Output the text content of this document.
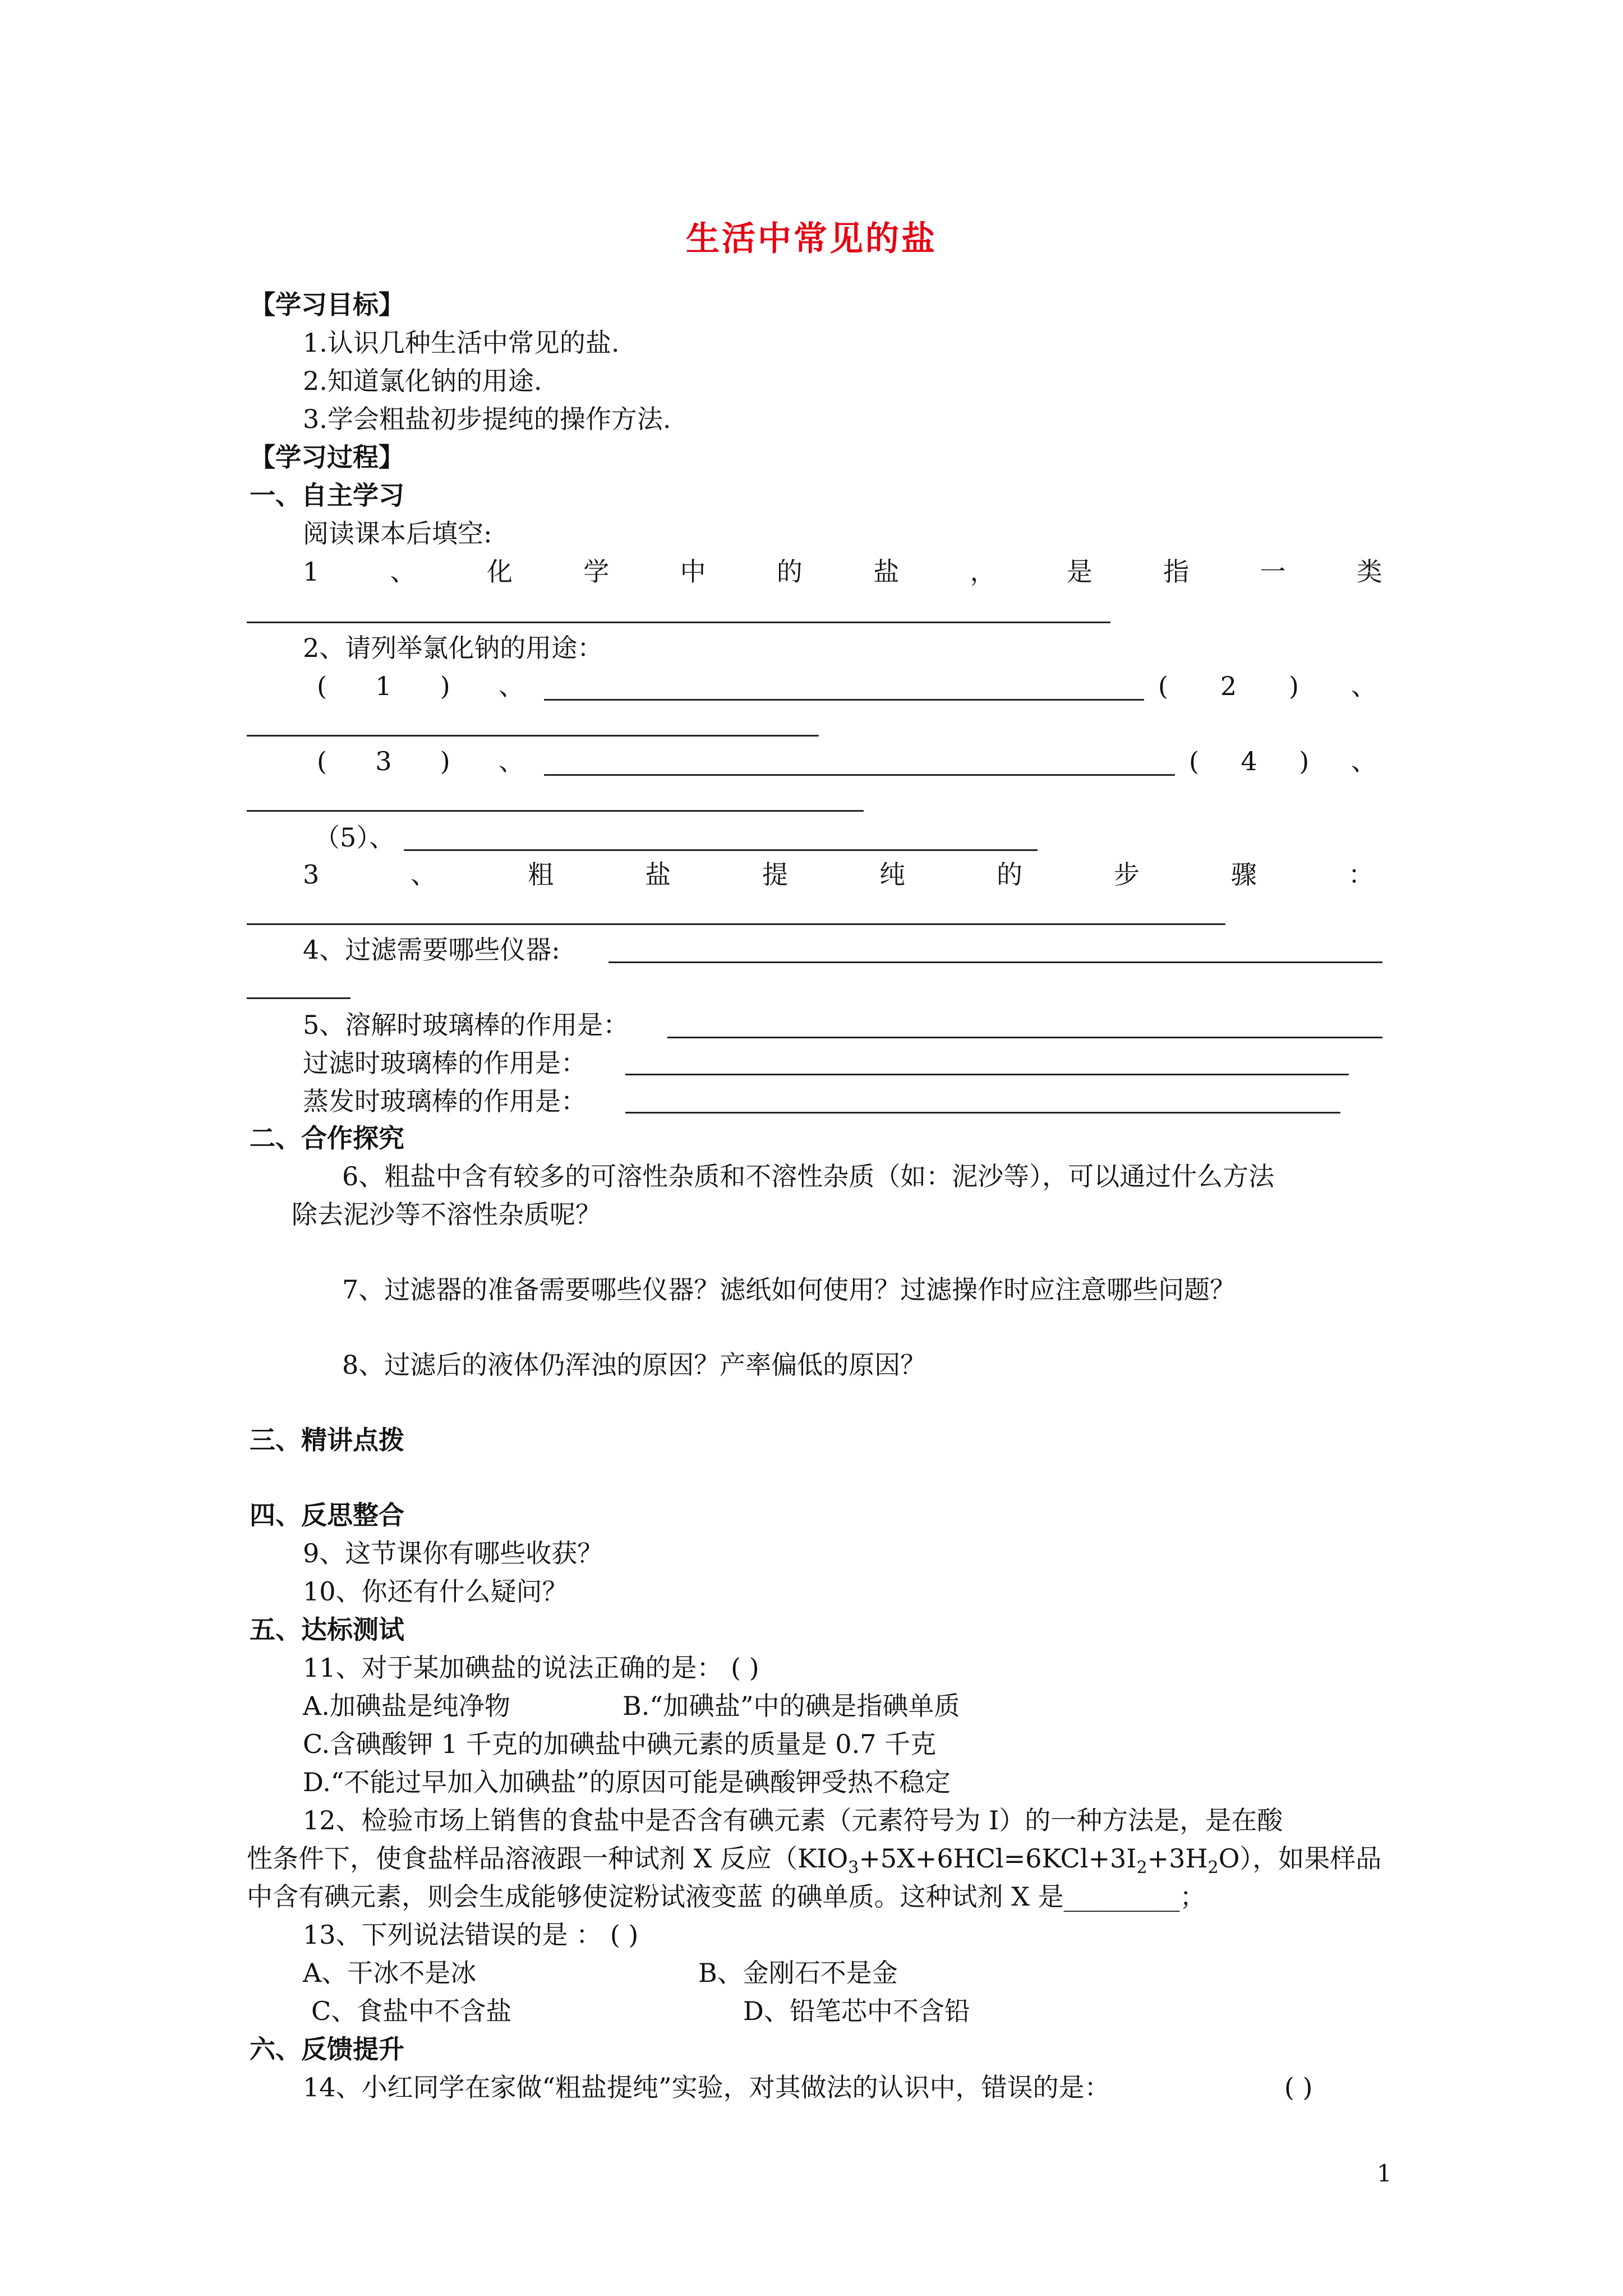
生活中常见的盐
【学习目标】
1.认识几种生活中常见的盐.
2.知道氯化钠的用途.
3.学会粗盐初步提纯的操作方法.
【学习过程】
一、自主学习
阅读课本后填空:
1	、	化	学	中	的	盐	，	是	指	一	类
2、请列举氯化钠的用途：
( 1 ) 、	( 2 ) 、
( 3 ) 、	( 4 ) 、
（5）、
3	、	粗	盐	提	纯	的	步	骤	：
4、过滤需要哪些仪器:
5、溶解时玻璃棒的作用是：
过滤时玻璃棒的作用是：
蒸发时玻璃棒的作用是：
二、合作探究
6、粗盐中含有较多的可溶性杂质和不溶性杂质（如：泥沙等），可以通过什么方法
除去泥沙等不溶性杂质呢？
7、过滤器的准备需要哪些仪器？滤纸如何使用？过滤操作时应注意哪些问题？
8、过滤后的液体仍浑浊的原因？产率偏低的原因？
三、精讲点拨
四、反思整合
9、这节课你有哪些收获？
10、你还有什么疑问？
五、达标测试
11、对于某加碘盐的说法正确的是： ( )
A.加碘盐是纯净物	B.“加碘盐”中的碘是指碘单质
C.含碘酸钾 1 千克的加碘盐中碘元素的质量是 0.7 千克
D.“不能过早加入加碘盐”的原因可能是碘酸钾受热不稳定
12、检验市场上销售的食盐中是否含有碘元素（元素符号为 I）的一种方法是，是在酸
性条件下，使食盐样品溶液跟一种试剂 X 反应$(KIO_3+5X+6HCl=6KCl+3I_2+3H_2O)$，如果样品
中含有碘元素，则会生成能够使淀粉试液变蓝 的碘单质。这种试剂 X 是_________；
13、下列说法错误的是 ： ( )
A、干冰不是冰	B、金刚石不是金
C、食盐中不含盐	D、铅笔芯中不含铅
六、反馈提升
14、小红同学在家做“粗盐提纯”实验，对其做法的认识中，错误的是：	( )
1
